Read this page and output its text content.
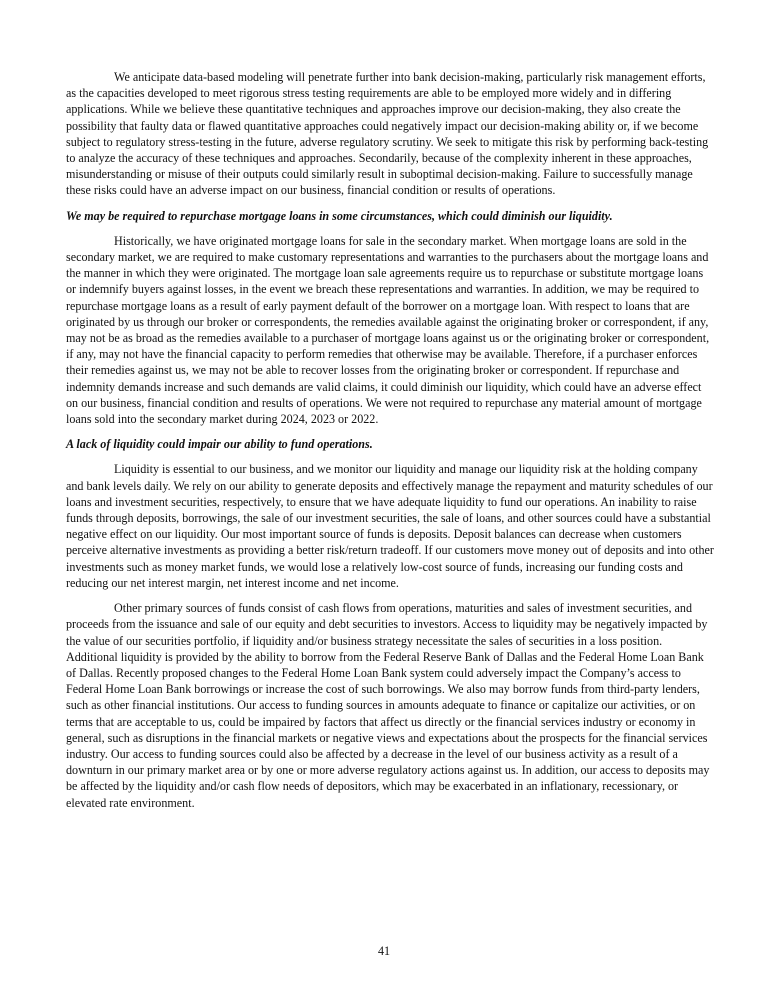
We anticipate data-based modeling will penetrate further into bank decision-making, particularly risk management efforts, as the capacities developed to meet rigorous stress testing requirements are able to be employed more widely and in differing applications. While we believe these quantitative techniques and approaches improve our decision-making, they also create the possibility that faulty data or flawed quantitative approaches could negatively impact our decision-making ability or, if we become subject to regulatory stress-testing in the future, adverse regulatory scrutiny. We seek to mitigate this risk by performing back-testing to analyze the accuracy of these techniques and approaches. Secondarily, because of the complexity inherent in these approaches, misunderstanding or misuse of their outputs could similarly result in suboptimal decision-making. Failure to successfully manage these risks could have an adverse impact on our business, financial condition or results of operations.

We may be required to repurchase mortgage loans in some circumstances, which could diminish our liquidity.

Historically, we have originated mortgage loans for sale in the secondary market. When mortgage loans are sold in the secondary market, we are required to make customary representations and warranties to the purchasers about the mortgage loans and the manner in which they were originated. The mortgage loan sale agreements require us to repurchase or substitute mortgage loans or indemnify buyers against losses, in the event we breach these representations and warranties. In addition, we may be required to repurchase mortgage loans as a result of early payment default of the borrower on a mortgage loan. With respect to loans that are originated by us through our broker or correspondents, the remedies available against the originating broker or correspondent, if any, may not be as broad as the remedies available to a purchaser of mortgage loans against us or the originating broker or correspondent, if any, may not have the financial capacity to perform remedies that otherwise may be available. Therefore, if a purchaser enforces their remedies against us, we may not be able to recover losses from the originating broker or correspondent. If repurchase and indemnity demands increase and such demands are valid claims, it could diminish our liquidity, which could have an adverse effect on our business, financial condition and results of operations. We were not required to repurchase any material amount of mortgage loans sold into the secondary market during 2024, 2023 or 2022.

A lack of liquidity could impair our ability to fund operations.

Liquidity is essential to our business, and we monitor our liquidity and manage our liquidity risk at the holding company and bank levels daily. We rely on our ability to generate deposits and effectively manage the repayment and maturity schedules of our loans and investment securities, respectively, to ensure that we have adequate liquidity to fund our operations. An inability to raise funds through deposits, borrowings, the sale of our investment securities, the sale of loans, and other sources could have a substantial negative effect on our liquidity. Our most important source of funds is deposits. Deposit balances can decrease when customers perceive alternative investments as providing a better risk/return tradeoff. If our customers move money out of deposits and into other investments such as money market funds, we would lose a relatively low-cost source of funds, increasing our funding costs and reducing our net interest margin, net interest income and net income.

Other primary sources of funds consist of cash flows from operations, maturities and sales of investment securities, and proceeds from the issuance and sale of our equity and debt securities to investors. Access to liquidity may be negatively impacted by the value of our securities portfolio, if liquidity and/or business strategy necessitate the sales of securities in a loss position. Additional liquidity is provided by the ability to borrow from the Federal Reserve Bank of Dallas and the Federal Home Loan Bank of Dallas. Recently proposed changes to the Federal Home Loan Bank system could adversely impact the Company’s access to Federal Home Loan Bank borrowings or increase the cost of such borrowings. We also may borrow funds from third-party lenders, such as other financial institutions. Our access to funding sources in amounts adequate to finance or capitalize our activities, or on terms that are acceptable to us, could be impaired by factors that affect us directly or the financial services industry or economy in general, such as disruptions in the financial markets or negative views and expectations about the prospects for the financial services industry. Our access to funding sources could also be affected by a decrease in the level of our business activity as a result of a downturn in our primary market area or by one or more adverse regulatory actions against us. In addition, our access to deposits may be affected by the liquidity and/or cash flow needs of depositors, which may be exacerbated in an inflationary, recessionary, or elevated rate environment.

41
